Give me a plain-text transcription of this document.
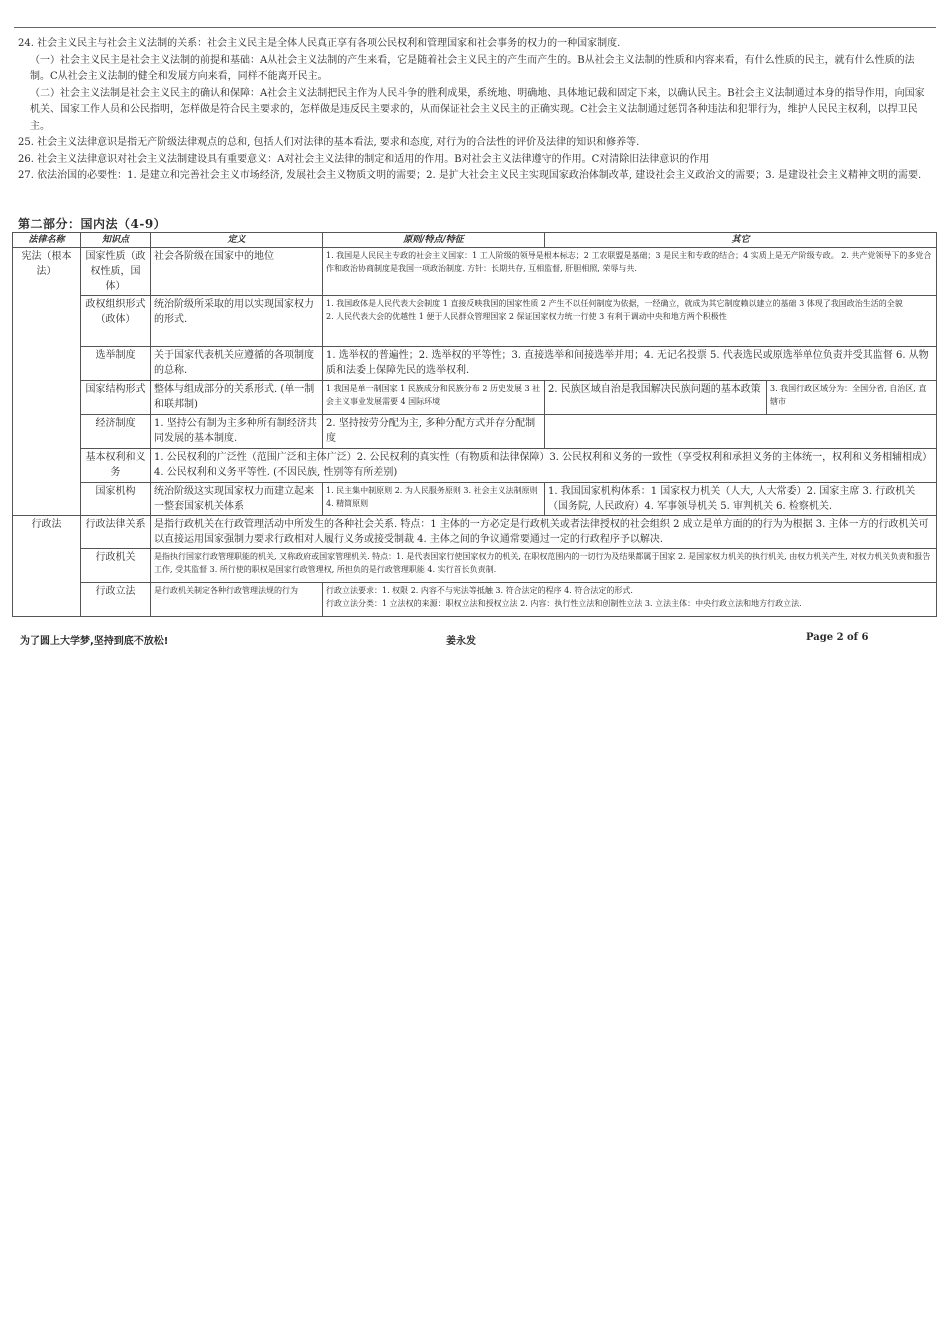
24. 社会主义民主与社会主义法制的关系：社会主义民主是全体人民真正享有各项公民权利和管理国家和社会事务的权力的一种国家制度.

（一）社会主义民主是社会主义法制的前提和基础：A从社会主义法制的产生来看，它是随着社会主义民主的产生而产生的。B从社会主义法制的性质和内容来看，有什么性质的民主，就有什么性质的法制。C从社会主义法制的健全和发展方向来看，同样不能离开民主。

（二）社会主义法制是社会主义民主的确认和保障：A社会主义法制把民主作为人民斗争的胜利成果，系统地、明确地、具体地记载和固定下来，以确认民主。B社会主义法制通过本身的指导作用，向国家机关、国家工作人员和公民指明，怎样做是符合民主要求的，怎样做是违反民主要求的，从而保证社会主义民主的正确实现。C社会主义法制通过惩罚各种违法和犯罪行为，维护人民民主权利，以捍卫民主。

25. 社会主义法律意识是指无产阶级法律观点的总和, 包括人们对法律的基本看法, 要求和态度, 对行为的合法性的评价及法律的知识和修养等.

26. 社会主义法律意识对社会主义法制建设具有重要意义：A对社会主义法律的制定和适用的作用。B对社会主义法律遵守的作用。C对清除旧法律意识的作用

27. 依法治国的必要性：1. 是建立和完善社会主义市场经济, 发展社会主义物质文明的需要；2. 是扩大社会主义民主实现国家政治体制改革, 建设社会主义政治文的需要；3. 是建设社会主义精神文明的需要.

第二部分：国内法（4-9）
法律名称	知识点	定义	原则/特点/特征	其它	
宪法（根本法）	国家性质（政权性质，国体）	社会各阶级在国家中的地位	1. 我国是人民民主专政的社会主义国家：1 工人阶级的领导是根本标志；2 工农联盟是基础；3 是民主和专政的结合；4 实质上是无产阶级专政。 2. 共产党领导下的多党合作和政治协商制度是我国一项政治制度. 方针：长期共存, 互相监督, 肝胆相照, 荣辱与共.		
	政权组织形式（政体）	统治阶级所采取的用以实现国家权力的形式.	1. 我国政体是人民代表大会制度 1 直接反映我国的国家性质 2 产生不以任何制度为依据，一经确立，就成为其它制度赖以建立的基础 3 体现了我国政治生活的全貌
2. 人民代表大会的优越性 1 便于人民群众管理国家 2 保证国家权力统一行使 3 有利于调动中央和地方两个积极性		

	选举制度	关于国家代表机关应遵循的各项制度的总称.	1. 选举权的普遍性；2. 选举权的平等性；3. 直接选举和间接选举并用；4. 无记名投票 5. 代表选民或原选举单位负责并受其监督 6. 从物质和法委上保障先民的选举权利.		
	国家结构形式	整体与组成部分的关系形式. (单一制和联邦制)	1 我国是单一制国家 1 民族成分和民族分布 2 历史发展 3 社会主义事业发展需要 4 国际环境	2. 民族区域自治是我国解决民族问题的基本政策	3. 我国行政区域分为：全国分省, 自治区, 直辖市
	经济制度	1. 坚持公有制为主多种所有制经济共同发展的基本制度.	2. 坚持按劳分配为主, 多种分配方式并存分配制度		
	基本权利和义务	1. 公民权利的广泛性（范围广泛和主体广泛）2. 公民权利的真实性（有物质和法律保障）3. 公民权利和义务的一致性（享受权利和承担义务的主体统一，权利和义务相辅相成）4. 公民权利和义务平等性. (不因民族, 性别等有所差别)			
	国家机构	统治阶级这实现国家权力而建立起来一整套国家机关体系	1. 民主集中制原则 2. 为人民服务原则 3. 社会主义法制原则 4. 精简原则	1. 我国国家机构体系：1 国家权力机关（人大, 人大常委）2. 国家主席 3. 行政机关（国务院, 人民政府）4. 军事领导机关 5. 审判机关 6. 检察机关.	
行政法	行政法律关系	是指行政机关在行政管理活动中所发生的各种社会关系. 特点：1 主体的一方必定是行政机关或者法律授权的社会组织 2 成立是单方面的的行为为根据 3. 主体一方的行政机关可以直接运用国家强制力要求行政相对人履行义务或接受制裁 4. 主体之间的争议通常要通过一定的行政程序予以解决.			
	行政机关	是指执行国家行政管理职能的机关, 又称政府或国家管理机关. 特点：1. 是代表国家行使国家权力的机关, 在职权范围内的一切行为及结果都属于国家 2. 是国家权力机关的执行机关, 由权力机关产生, 对权力机关负责和报告工作, 受其监督 3. 所行使的职权是国家行政管理权, 所担负的是行政管理职能 4. 实行首长负责制.			
	行政立法	是行政机关制定各种行政管理法规的行为	行政立法要求：1. 权限 2. 内容不与宪法等抵触 3. 符合法定的程序 4. 符合法定的形式.
行政立法分类：1 立法权的来源：职权立法和授权立法 2. 内容：执行性立法和创制性立法 3. 立法主体：中央行政立法和地方行政立法.		
为了圆上大学梦,坚持到底不放松!	姜永发	Page 2 of 6
